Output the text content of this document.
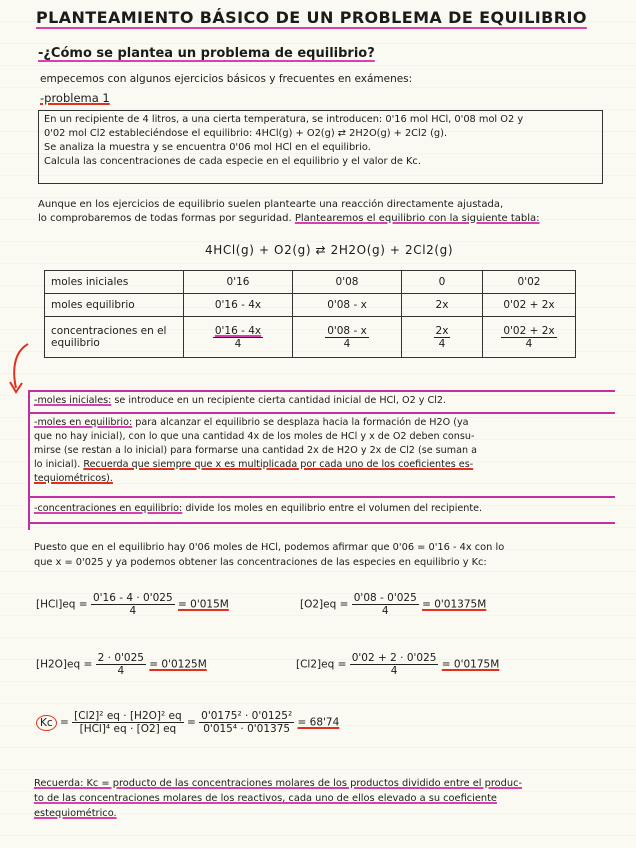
PLANTEAMIENTO BÁSICO DE UN PROBLEMA DE EQUILIBRIO
-¿Cómo se plantea un problema de equilibrio?
empecemos con algunos ejercicios básicos y frecuentes en exámenes:
-problema 1
En un recipiente de 4 litros, a una cierta temperatura, se introducen: 0'16 mol HCl, 0'08 mol O2 y
0'02 mol Cl2 estableciéndose el equilibrio: 4HCl(g) + O2(g) ⇄ 2H2O(g) + 2Cl2 (g).
Se analiza la muestra y se encuentra 0'06 mol HCl en el equilibrio.
Calcula las concentraciones de cada especie en el equilibrio y el valor de Kc.
Aunque en los ejercicios de equilibrio suelen plantearte una reacción directamente ajustada,
lo comprobaremos de todas formas por seguridad. Plantearemos el equilibrio con la siguiente tabla:
4HCl(g) + O2(g) ⇄ 2H2O(g) + 2Cl2(g)
moles iniciales	0'16	0'08	0	0'02
moles equilibrio	0'16 - 4x	0'08 - x	2x	0'02 + 2x
concentraciones en el equilibrio	$\frac{0'16 - 4x}{4}$	$\frac{0'08 - x}{4}$	$\frac{2x}{4}$	$\frac{0'02 + 2x}{4}$
-moles iniciales: se introduce en un recipiente cierta cantidad inicial de HCl, O2 y Cl2.
-moles en equilibrio: para alcanzar el equilibrio se desplaza hacia la formación de H2O (ya
que no hay inicial), con lo que una cantidad 4x de los moles de HCl y x de O2 deben consu-
mirse (se restan a lo inicial) para formarse una cantidad 2x de H2O y 2x de Cl2 (se suman a
lo inicial). Recuerda que siempre que x es multiplicada por cada uno de los coeficientes es-
tequiométricos).
-concentraciones en equilibrio: divide los moles en equilibrio entre el volumen del recipiente.
Puesto que en el equilibrio hay 0'06 moles de HCl, podemos afirmar que 0'06 = 0'16 - 4x con lo
que x = 0'025 y ya podemos obtener las concentraciones de las especies en equilibrio y Kc:
$[HCl]eq = \frac{0'16 - 4 \cdot 0'025}{4} = 0'015M$	$[O2]eq = \frac{0'08 - 0'025}{4} = 0'01375M$
$[H2O]eq = \frac{2 \cdot 0'025}{4} = 0'0125M$	$[Cl2]eq = \frac{0'02 + 2 \cdot 0'025}{4} = 0'0175M$
$Kc = \frac{\text{[Cl2]² eq · [H2O]² eq}}{\text{[HCl]⁴ eq · [O2] eq}} = \frac{\text{0'0175² · 0'0125²}}{\text{0'015⁴ · 0'01375}} = 68'74$
Recuerda: Kc = producto de las concentraciones molares de los productos dividido entre el produc-
to de las concentraciones molares de los reactivos, cada uno de ellos elevado a su coeficiente
estequiométrico.
